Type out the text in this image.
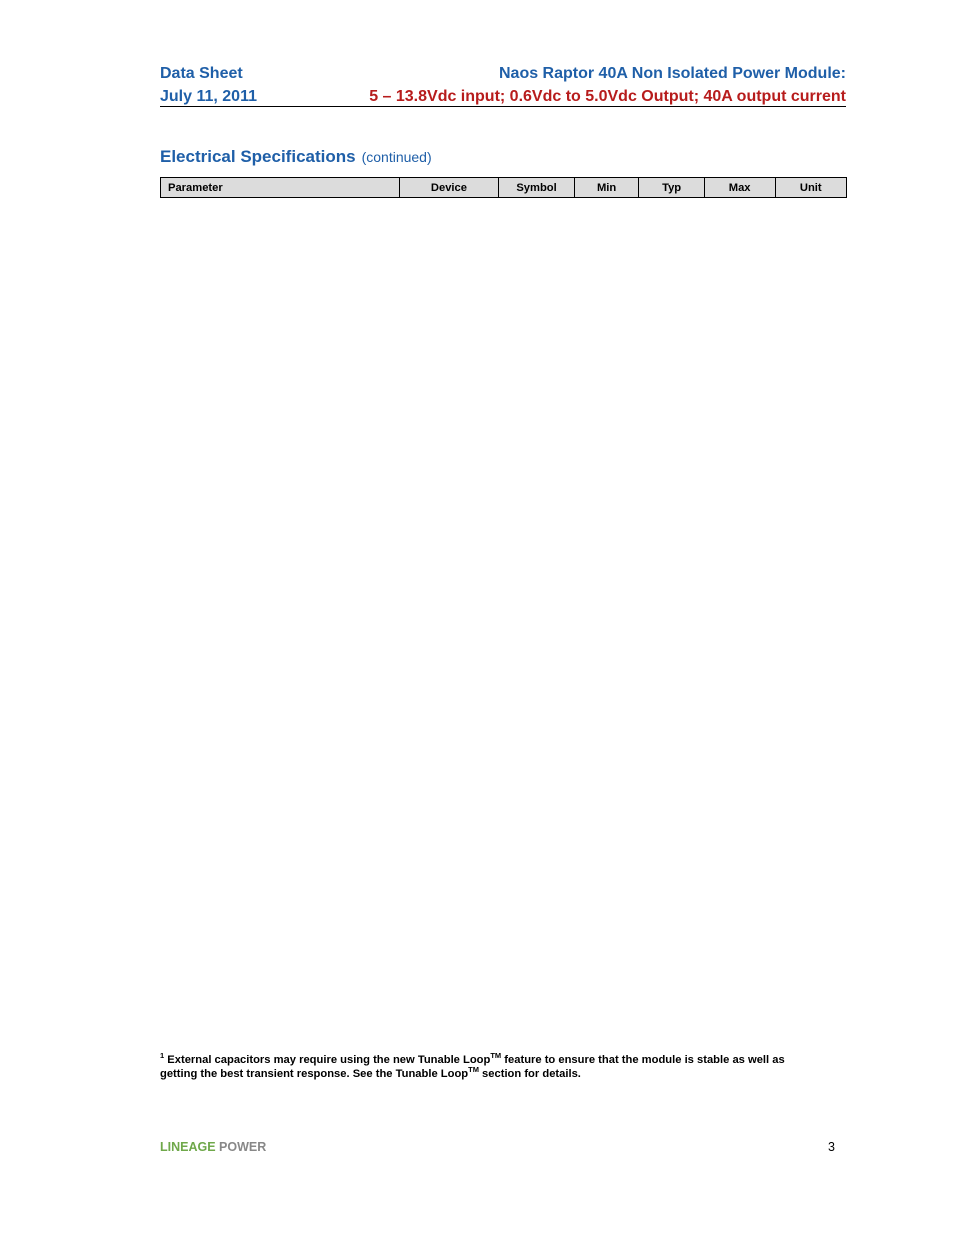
Data Sheet
July 11, 2011
Naos Raptor 40A Non Isolated Power Module:
5 – 13.8Vdc input; 0.6Vdc to 5.0Vdc Output; 40A output current
Electrical Specifications (continued)
Parameter	Device	Symbol	Min	Typ	Max	Unit
$^1$ External capacitors may require using the new Tunable Loop™ feature to ensure that the module is stable as well as
getting the best transient response. See the Tunable Loop™ section for details.
LINEAGE POWER	3
